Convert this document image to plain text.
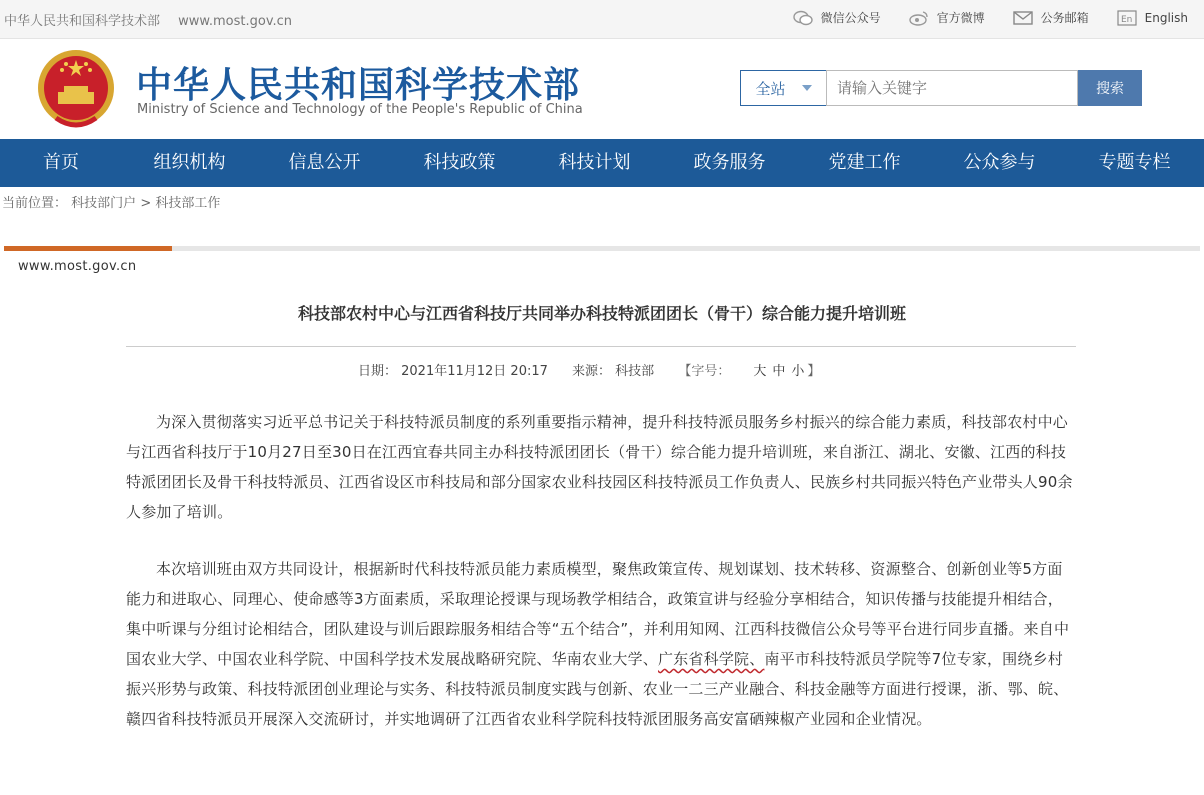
中华人民共和国科学技术部 www.most.gov.cn	微信公众号	官方微博	公务邮箱	En English
中华人民共和国科学技术部
Ministry of Science and Technology of the People's Republic of China
全站
请输入关键字	搜索
首页	组织机构	信息公开	科技政策	科技计划	政务服务	党建工作	公众参与	专题专栏
当前位置： 科技部门户 > 科技部工作
www.most.gov.cn
科技部农村中心与江西省科技厅共同举办科技特派团团长（骨干）综合能力提升培训班
日期： 2021年11月12日 20:17 来源： 科技部 【字号： 大 中 小 】
为深入贯彻落实习近平总书记关于科技特派员制度的系列重要指示精神，提升科技特派员服务乡村振兴的综合能力素质，科技部农村中心与江西省科技厅于10月27日至30日在江西宜春共同主办科技特派团团长（骨干）综合能力提升培训班，来自浙江、湖北、安徽、江西的科技特派团团长及骨干科技特派员、江西省设区市科技局和部分国家农业科技园区科技特派员工作负责人、民族乡村共同振兴特色产业带头人90余人参加了培训。
本次培训班由双方共同设计，根据新时代科技特派员能力素质模型，聚焦政策宣传、规划谋划、技术转移、资源整合、创新创业等5方面能力和进取心、同理心、使命感等3方面素质，采取理论授课与现场教学相结合，政策宣讲与经验分享相结合，知识传播与技能提升相结合，集中听课与分组讨论相结合，团队建设与训后跟踪服务相结合等“五个结合”，并利用知网、江西科技微信公众号等平台进行同步直播。来自中国农业大学、中国农业科学院、中国科学技术发展战略研究院、华南农业大学、广东省科学院、南平市科技特派员学院等7位专家，围绕乡村振兴形势与政策、科技特派团创业理论与实务、科技特派员制度实践与创新、农业一二三产业融合、科技金融等方面进行授课，浙、鄂、皖、赣四省科技特派员开展深入交流研讨，并实地调研了江西省农业科学院科技特派团服务高安富硒辣椒产业园和企业情况。
